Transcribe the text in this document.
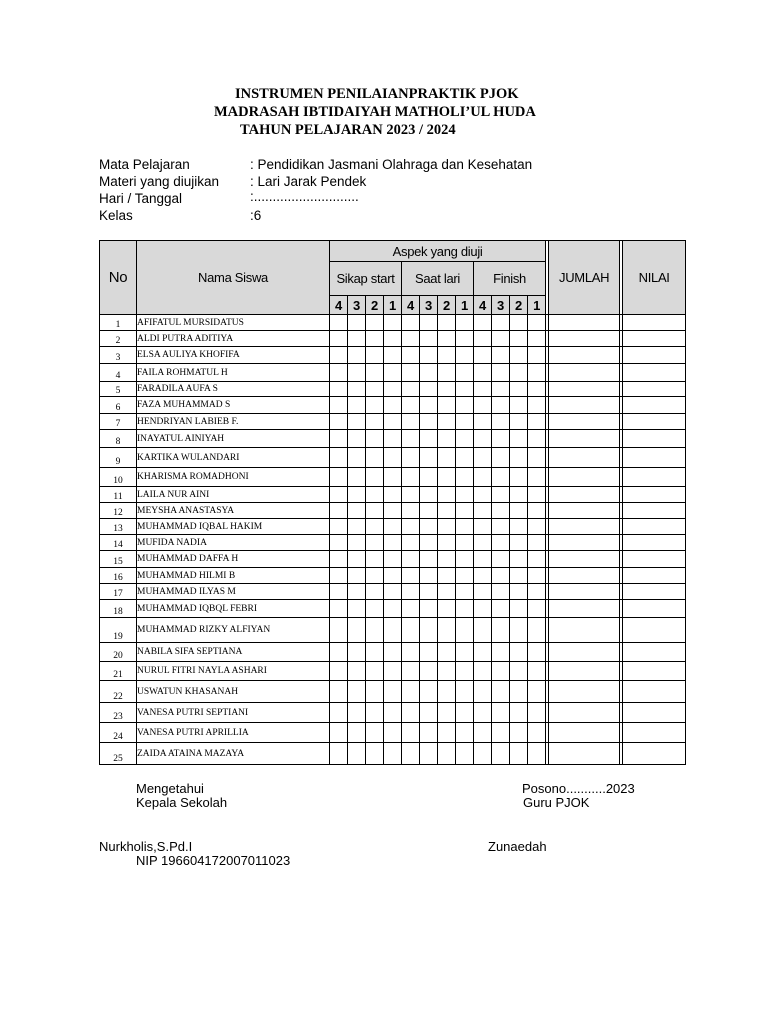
INSTRUMEN PENILAIANPRAKTIK PJOK
MADRASAH IBTIDAIYAH MATHOLI’UL HUDA
TAHUN PELAJARAN 2023 / 2024
Mata Pelajaran	: Pendidikan Jasmani Olahraga dan Kesehatan
Materi yang diujikan : Lari Jarak Pendek
Hari / Tanggal	:............................
Kelas	:6
No	Nama Siswa	Aspek yang diuji													JUMLAH		NILAI
		Sikap start				Saat lari				Finish							
		4	3	2	1	4	3	2	1	4	3	2	1				
1	AFIFATUL MURSIDATUS																
2	ALDI PUTRA ADITIYA																
3	ELSA AULIYA KHOFIFA																
4	FAILA ROHMATUL H																
5	FARADILA AUFA S																
6	FAZA MUHAMMAD S																
7	HENDRIYAN LABIEB F.																
8	INAYATUL AINIYAH																
9	KARTIKA WULANDARI																
10	KHARISMA ROMADHONI																
11	LAILA NUR AINI																
12	MEYSHA ANASTASYA																
13	MUHAMMAD IQBAL HAKIM																
14	MUFIDA NADIA																
15	MUHAMMAD DAFFA H																
16	MUHAMMAD HILMI B																
17	MUHAMMAD ILYAS M																
18	MUHAMMAD IQBQL FEBRI																
19	MUHAMMAD RIZKY ALFIYAN																
20	NABILA SIFA SEPTIANA																
21	NURUL FITRI NAYLA ASHARI																
22	USWATUN KHASANAH																
23	VANESA PUTRI SEPTIANI																
24	VANESA PUTRI APRILLIA																
25	ZAIDA ATAINA MAZAYA																
Mengetahui
Kepala Sekolah
Posono...........2023
Guru PJOK
Nurkholis,S.Pd.I
NIP 196604172007011023
Zunaedah
